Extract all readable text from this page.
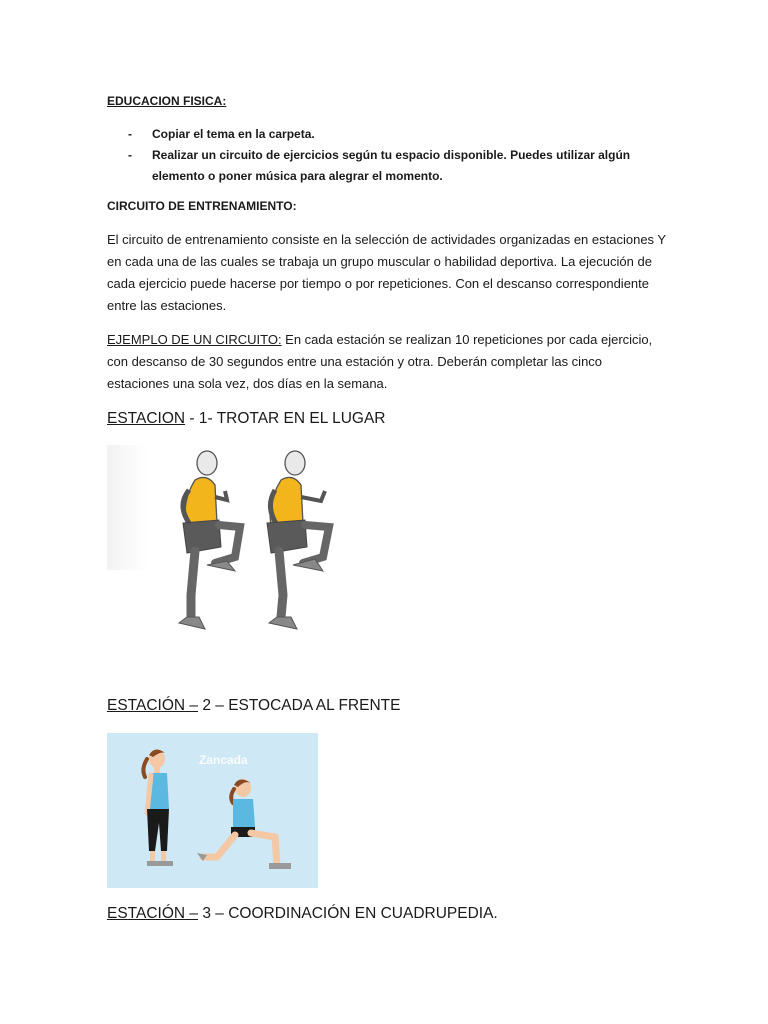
EDUCACION FISICA:
- Copiar el tema en la carpeta.
- Realizar un circuito de ejercicios según tu espacio disponible. Puedes utilizar algún elemento o poner música para alegrar el momento.
CIRCUITO DE ENTRENAMIENTO:
El circuito de entrenamiento consiste en la selección de actividades organizadas en estaciones Y en cada una de las cuales se trabaja un grupo muscular o habilidad deportiva. La ejecución de cada ejercicio puede hacerse por tiempo o por repeticiones. Con el descanso correspondiente entre las estaciones.
EJEMPLO DE UN CIRCUITO: En cada estación se realizan 10 repeticiones por cada ejercicio, con descanso de 30 segundos entre una estación y otra. Deberán completar las cinco estaciones una sola vez, dos días en la semana.
ESTACION - 1- TROTAR EN EL LUGAR
ESTACIÓN – 2 – ESTOCADA AL FRENTE
Zancada
ESTACIÓN – 3 – COORDINACIÓN EN CUADRUPEDIA.
